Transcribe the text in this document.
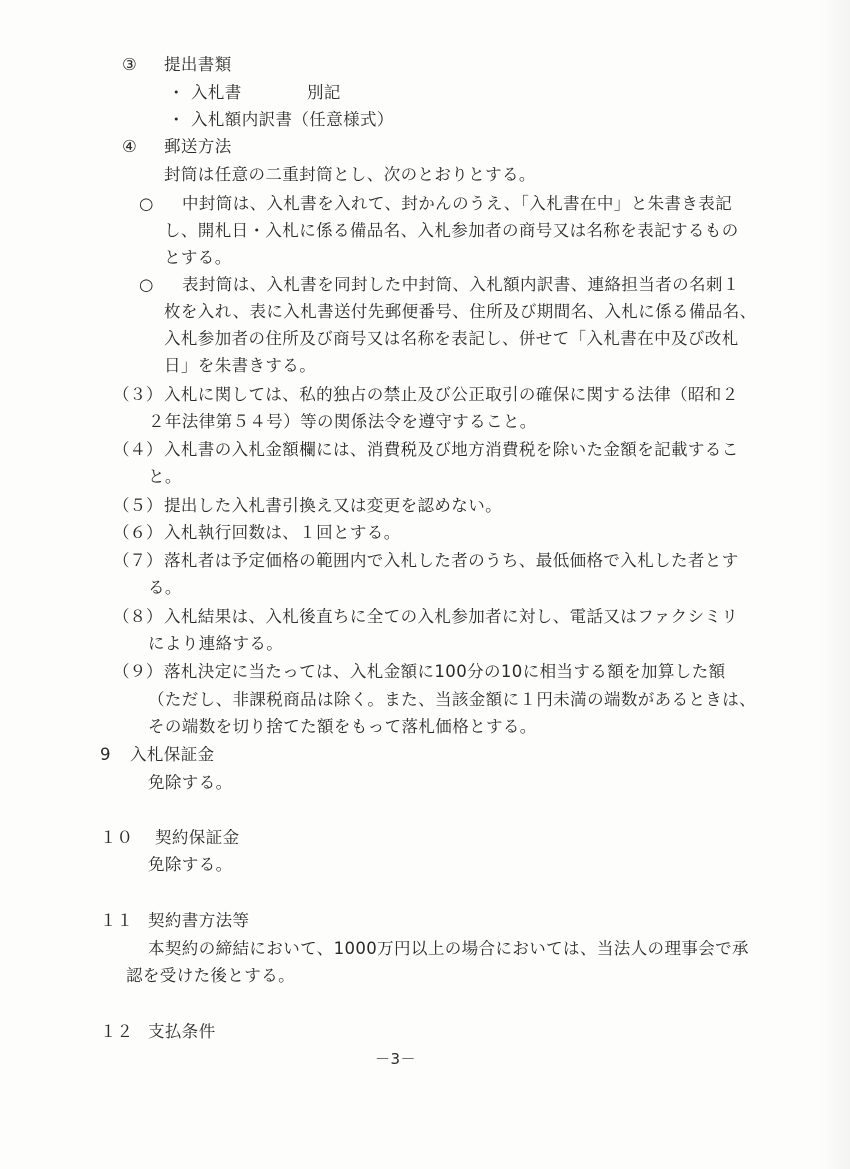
③ 提出書類
・ 入札書	別記
・ 入札額内訳書（任意様式）
④ 郵送方法
封筒は任意の二重封筒とし、次のとおりとする。
○ 中封筒は、入札書を入れて、封かんのうえ、「入札書在中」と朱書き表記
し、開札日・入札に係る備品名、入札参加者の商号又は名称を表記するもの
とする。
○ 表封筒は、入札書を同封した中封筒、入札額内訳書、連絡担当者の名刺１
枚を入れ、表に入札書送付先郵便番号、住所及び期間名、入札に係る備品名、
入札参加者の住所及び商号又は名称を表記し、併せて「入札書在中及び改札
日」を朱書きする。
（３） 入札に関しては、私的独占の禁止及び公正取引の確保に関する法律（昭和２
２年法律第５４号）等の関係法令を遵守すること。
（４） 入札書の入札金額欄には、消費税及び地方消費税を除いた金額を記載するこ
と。
（５） 提出した入札書引換え又は変更を認めない。
（６） 入札執行回数は、１回とする。
（７） 落札者は予定価格の範囲内で入札した者のうち、最低価格で入札した者とす
る。
（８） 入札結果は、入札後直ちに全ての入札参加者に対し、電話又はファクシミリ
により連絡する。
（９） 落札決定に当たっては、入札金額に100分の10に相当する額を加算した額
（ただし、非課税商品は除く。また、当該金額に１円未満の端数があるときは、
その端数を切り捨てた額をもって落札価格とする。
9 入札保証金
免除する。
１０ 契約保証金
免除する。
１１ 契約書方法等
本契約の締結において、1000万円以上の場合においては、当法人の理事会で承
認を受けた後とする。
１２ 支払条件
－3－
